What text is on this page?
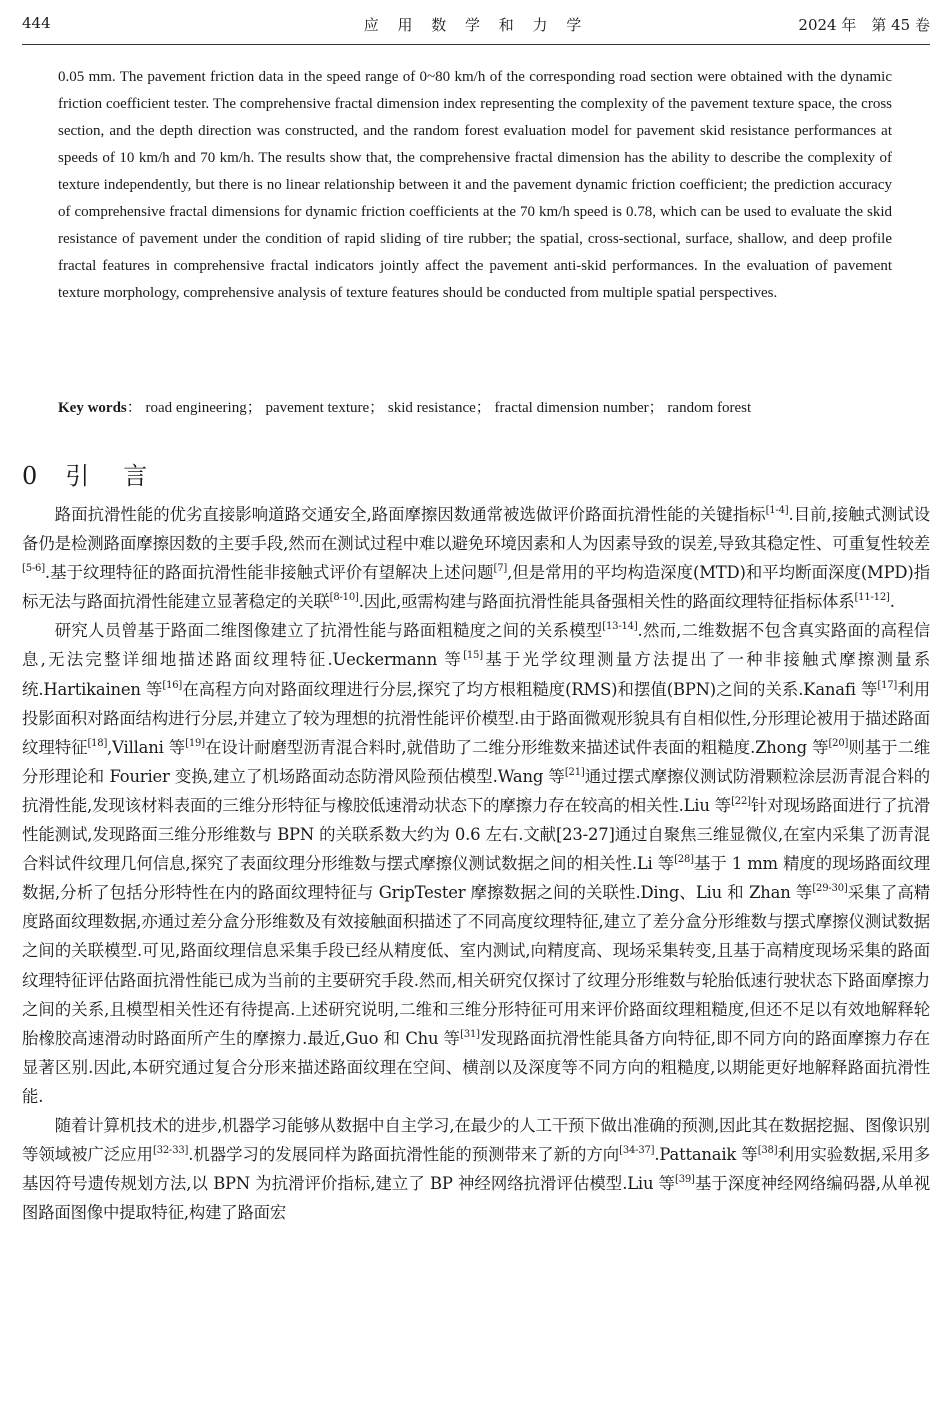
444	应 用 数 学 和 力 学	2024 年　第 45 卷

0.05 mm. The pavement friction data in the speed range of 0~80 km/h of the corresponding road section were obtained with the dynamic friction coefficient tester. The comprehensive fractal dimension index representing the complexity of the pavement texture space, the cross section, and the depth direction was constructed, and the random forest evaluation model for pavement skid resistance performances at speeds of 10 km/h and 70 km/h. The results show that, the comprehensive fractal dimension has the ability to describe the complexity of texture independently, but there is no linear relationship between it and the pavement dynamic friction coefficient; the prediction accuracy of comprehensive fractal dimensions for dynamic friction coefficients at the 70 km/h speed is 0.78, which can be used to evaluate the skid resistance of pavement under the condition of rapid sliding of tire rubber; the spatial, cross-sectional, surface, shallow, and deep profile fractal features in comprehensive fractal indicators jointly affect the pavement anti-skid performances. In the evaluation of pavement texture morphology, comprehensive analysis of texture features should be conducted from multiple spatial perspectives.

Key words： road engineering； pavement texture； skid resistance； fractal dimension number； random forest
0 引言

路面抗滑性能的优劣直接影响道路交通安全,路面摩擦因数通常被选做评价路面抗滑性能的关键指标[1-4].目前,接触式测试设备仍是检测路面摩擦因数的主要手段,然而在测试过程中难以避免环境因素和人为因素导致的误差,导致其稳定性、可重复性较差[5-6].基于纹理特征的路面抗滑性能非接触式评价有望解决上述问题[7],但是常用的平均构造深度(MTD)和平均断面深度(MPD)指标无法与路面抗滑性能建立显著稳定的关联[8-10].因此,亟需构建与路面抗滑性能具备强相关性的路面纹理特征指标体系[11-12].

研究人员曾基于路面二维图像建立了抗滑性能与路面粗糙度之间的关系模型[13-14].然而,二维数据不包含真实路面的高程信息,无法完整详细地描述路面纹理特征.Ueckermann 等[15]基于光学纹理测量方法提出了一种非接触式摩擦测量系统.Hartikainen 等[16]在高程方向对路面纹理进行分层,探究了均方根粗糙度(RMS)和摆值(BPN)之间的关系.Kanafi 等[17]利用投影面积对路面结构进行分层,并建立了较为理想的抗滑性能评价模型.由于路面微观形貌具有自相似性,分形理论被用于描述路面纹理特征[18],Villani 等[19]在设计耐磨型沥青混合料时,就借助了二维分形维数来描述试件表面的粗糙度.Zhong 等[20]则基于二维分形理论和 Fourier 变换,建立了机场路面动态防滑风险预估模型.Wang 等[21]通过摆式摩擦仪测试防滑颗粒涂层沥青混合料的抗滑性能,发现该材料表面的三维分形特征与橡胶低速滑动状态下的摩擦力存在较高的相关性.Liu 等[22]针对现场路面进行了抗滑性能测试,发现路面三维分形维数与 BPN 的关联系数大约为 0.6 左右.文献[23-27]通过自聚焦三维显微仪,在室内采集了沥青混合料试件纹理几何信息,探究了表面纹理分形维数与摆式摩擦仪测试数据之间的相关性.Li 等[28]基于 1 mm 精度的现场路面纹理数据,分析了包括分形特性在内的路面纹理特征与 GripTester 摩擦数据之间的关联性.Ding、Liu 和 Zhan 等[29-30]采集了高精度路面纹理数据,亦通过差分盒分形维数及有效接触面积描述了不同高度纹理特征,建立了差分盒分形维数与摆式摩擦仪测试数据之间的关联模型.可见,路面纹理信息采集手段已经从精度低、室内测试,向精度高、现场采集转变,且基于高精度现场采集的路面纹理特征评估路面抗滑性能已成为当前的主要研究手段.然而,相关研究仅探讨了纹理分形维数与轮胎低速行驶状态下路面摩擦力之间的关系,且模型相关性还有待提高.上述研究说明,二维和三维分形特征可用来评价路面纹理粗糙度,但还不足以有效地解释轮胎橡胶高速滑动时路面所产生的摩擦力.最近,Guo 和 Chu 等[31]发现路面抗滑性能具备方向特征,即不同方向的路面摩擦力存在显著区别.因此,本研究通过复合分形来描述路面纹理在空间、横剖以及深度等不同方向的粗糙度,以期能更好地解释路面抗滑性能.

随着计算机技术的进步,机器学习能够从数据中自主学习,在最少的人工干预下做出准确的预测,因此其在数据挖掘、图像识别等领域被广泛应用[32-33].机器学习的发展同样为路面抗滑性能的预测带来了新的方向[34-37].Pattanaik 等[38]利用实验数据,采用多基因符号遗传规划方法,以 BPN 为抗滑评价指标,建立了 BP 神经网络抗滑评估模型.Liu 等[39]基于深度神经网络编码器,从单视图路面图像中提取特征,构建了路面宏
